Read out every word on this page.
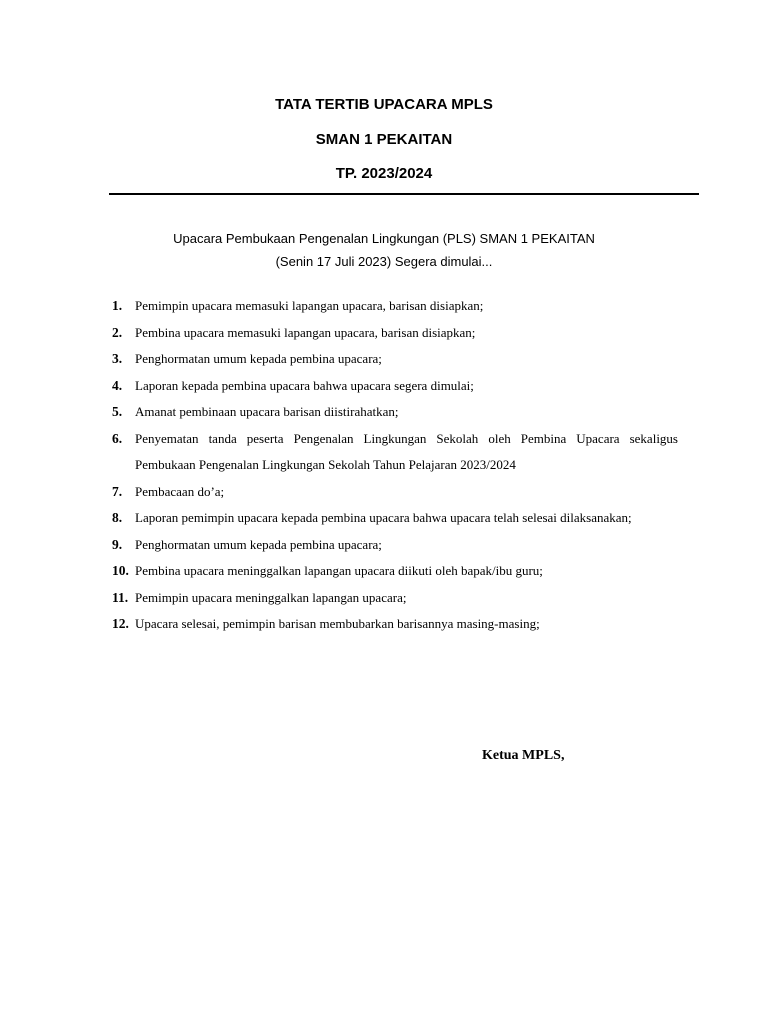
TATA TERTIB UPACARA MPLS
SMAN 1 PEKAITAN
TP. 2023/2024
Upacara Pembukaan Pengenalan Lingkungan (PLS) SMAN 1 PEKAITAN
(Senin 17 Juli 2023) Segera dimulai...
1. Pemimpin upacara memasuki lapangan upacara, barisan disiapkan;
2. Pembina upacara memasuki lapangan upacara, barisan disiapkan;
3. Penghormatan umum kepada pembina upacara;
4. Laporan kepada pembina upacara bahwa upacara segera dimulai;
5. Amanat pembinaan upacara barisan diistirahatkan;
6. Penyematan tanda peserta Pengenalan Lingkungan Sekolah oleh Pembina Upacara sekaligus Pembukaan Pengenalan Lingkungan Sekolah Tahun Pelajaran 2023/2024
7. Pembacaan do’a;
8. Laporan pemimpin upacara kepada pembina upacara bahwa upacara telah selesai dilaksanakan;
9. Penghormatan umum kepada pembina upacara;
10. Pembina upacara meninggalkan lapangan upacara diikuti oleh bapak/ibu guru;
11. Pemimpin upacara meninggalkan lapangan upacara;
12. Upacara selesai, pemimpin barisan membubarkan barisannya masing-masing;
Ketua MPLS,
